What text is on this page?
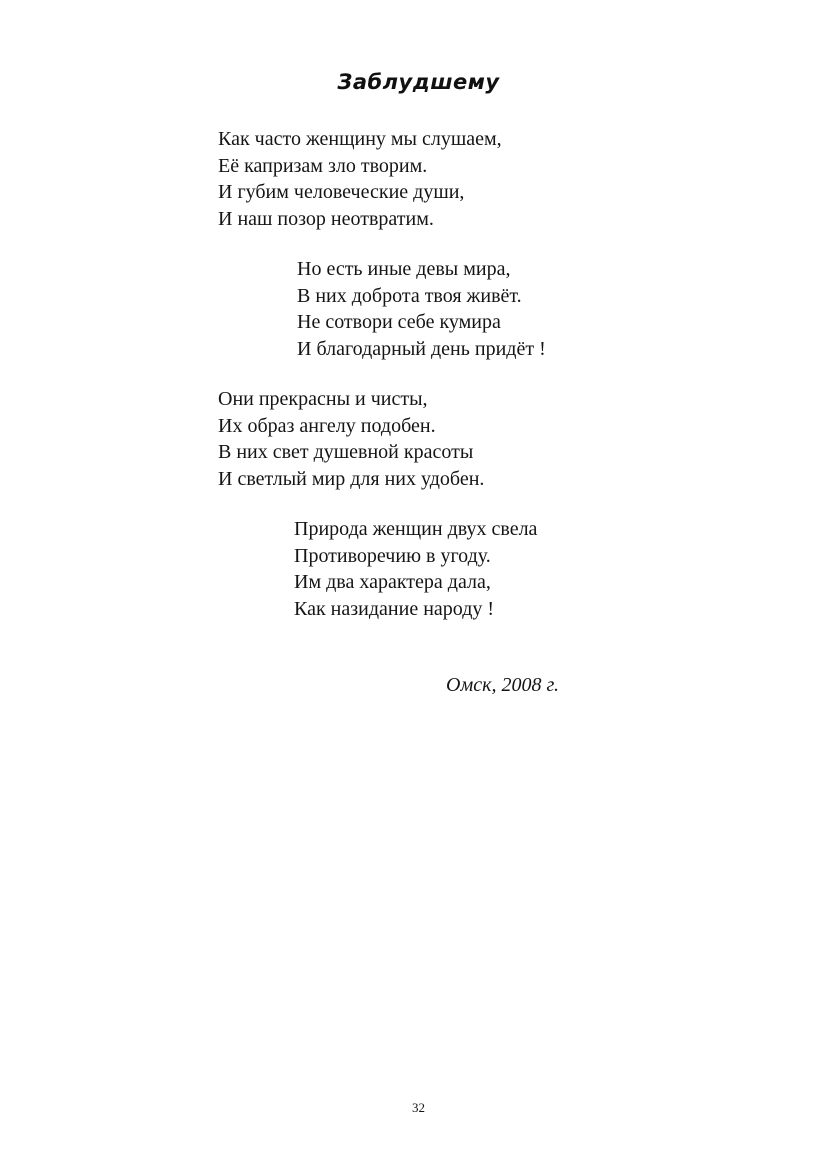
Заблудшему
Как часто женщину мы слушаем,
Её капризам зло творим.
И губим человеческие души,
И наш позор неотвратим.
Но есть иные девы мира,
В них доброта твоя живёт.
Не сотвори себе кумира
И благодарный день придёт !
Они прекрасны и чисты,
Их образ ангелу подобен.
В них свет душевной красоты
И светлый мир для них удобен.
Природа женщин двух свела
Противоречию в угоду.
Им два характера дала,
Как назидание народу !
Омск, 2008 г.
32
